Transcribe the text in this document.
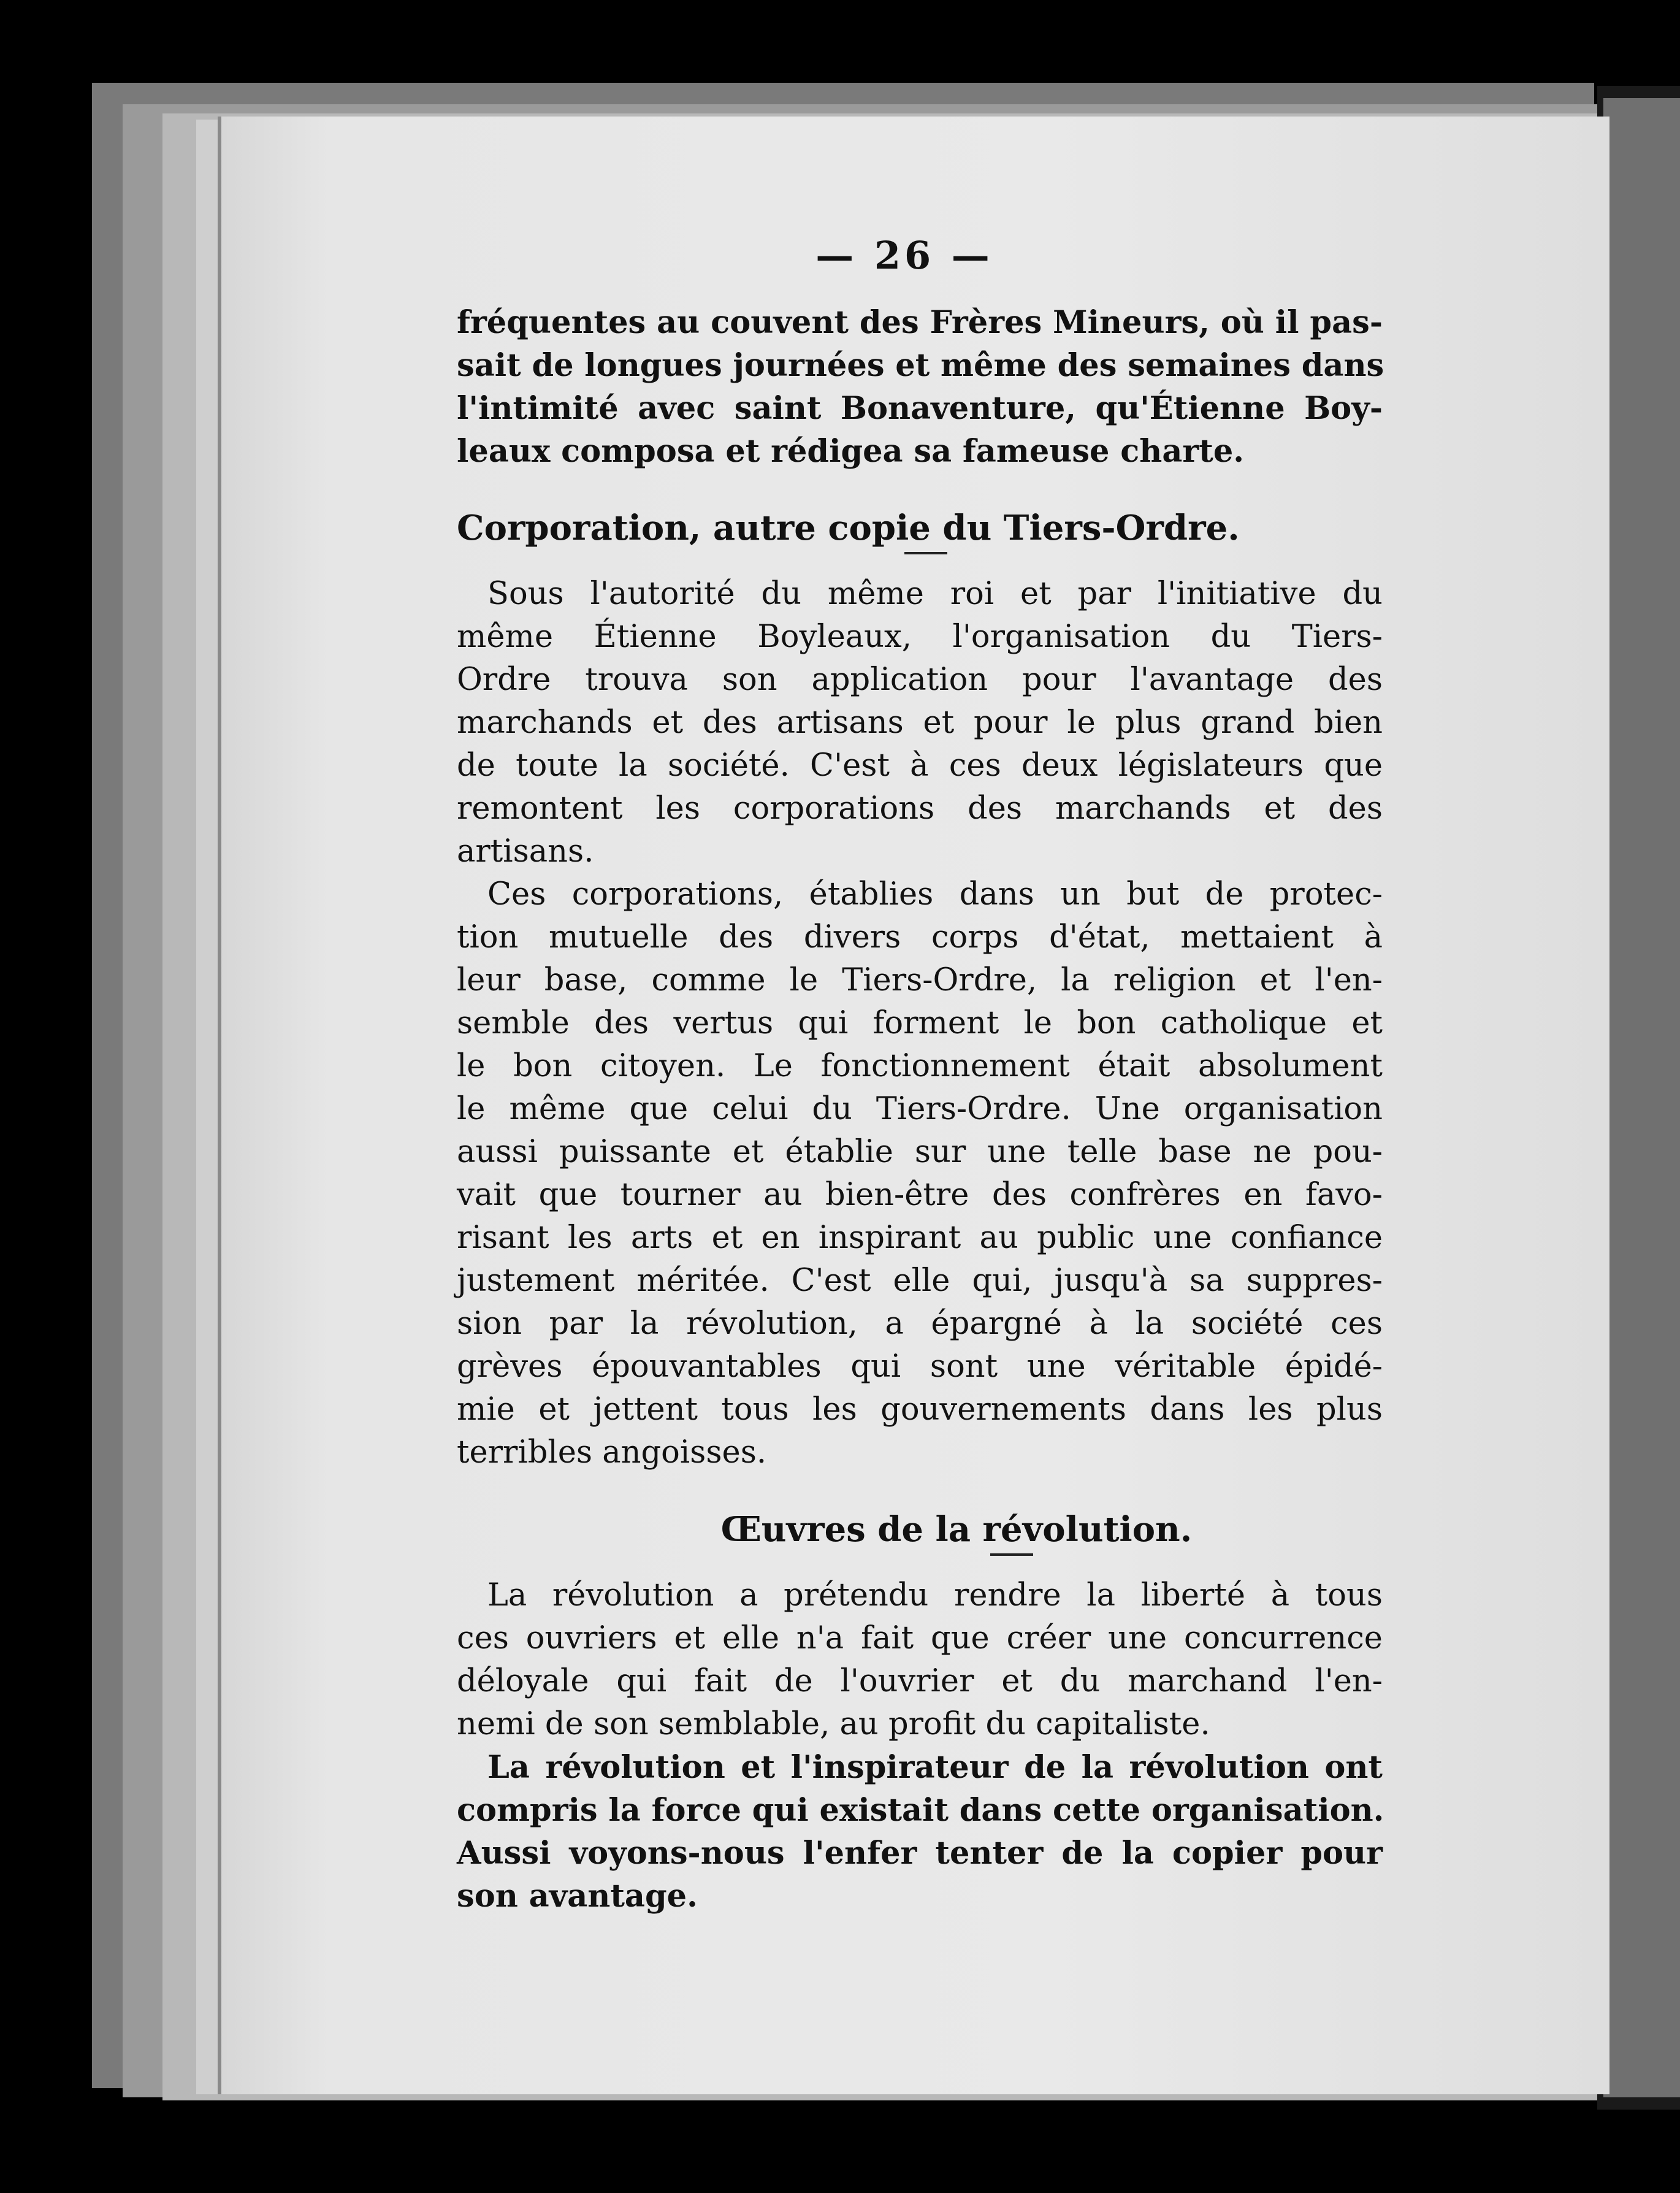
— 26 —

fréquentes au couvent des Frères Mineurs, où il pas-
sait de longues journées et même des semaines dans
l'intimité avec saint Bonaventure, qu'Étienne Boy-
leaux composa et rédigea sa fameuse charte.

Corporation, autre copie du Tiers-Ordre.

Sous l'autorité du même roi et par l'initiative du
même Étienne Boyleaux, l'organisation du Tiers-
Ordre trouva son application pour l'avantage des
marchands et des artisans et pour le plus grand bien
de toute la société. C'est à ces deux législateurs que
remontent les corporations des marchands et des
artisans.

Ces corporations, établies dans un but de protec-
tion mutuelle des divers corps d'état, mettaient à
leur base, comme le Tiers-Ordre, la religion et l'en-
semble des vertus qui forment le bon catholique et
le bon citoyen. Le fonctionnement était absolument
le même que celui du Tiers-Ordre. Une organisation
aussi puissante et établie sur une telle base ne pou-
vait que tourner au bien-être des confrères en favo-
risant les arts et en inspirant au public une confiance
justement méritée. C'est elle qui, jusqu'à sa suppres-
sion par la révolution, a épargné à la société ces
grèves épouvantables qui sont une véritable épidé-
mie et jettent tous les gouvernements dans les plus
terribles angoisses.

Œuvres de la révolution.

La révolution a prétendu rendre la liberté à tous
ces ouvriers et elle n'a fait que créer une concurrence
déloyale qui fait de l'ouvrier et du marchand l'en-
nemi de son semblable, au profit du capitaliste.

La révolution et l'inspirateur de la révolution ont
compris la force qui existait dans cette organisation.
Aussi voyons-nous l'enfer tenter de la copier pour
son avantage.
